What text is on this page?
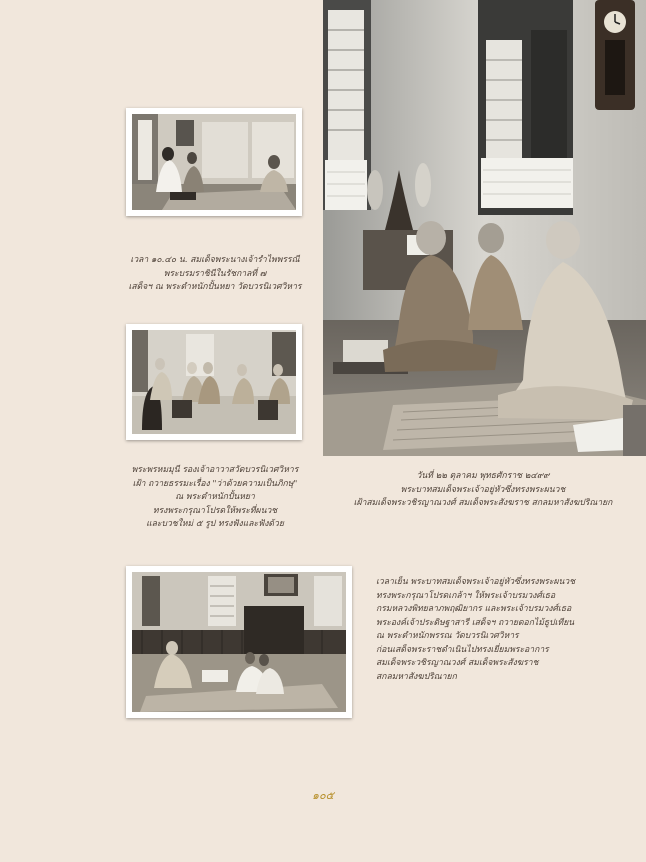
เวลา ๑๐.๔๐ น. สมเด็จพระนางเจ้ารำไพพรรณี
พระบรมราชินีในรัชกาลที่ ๗
เสด็จฯ ณ พระตำหนักปั้นหยา วัดบวรนิเวศวิหาร
พระพรหมมุนี รองเจ้าอาวาสวัดบวรนิเวศวิหาร
เฝ้า ถวายธรรมะเรื่อง "ว่าด้วยความเป็นภิกษุ"
ณ พระตำหนักปั้นหยา
ทรงพระกรุณาโปรดให้พระที่ผนวช
และบวชใหม่ ๕ รูป ทรงฟังและฟังด้วย
วันที่ ๒๒ ตุลาคม พุทธศักราช ๒๔๙๙
พระบาทสมเด็จพระเจ้าอยู่หัวซึ่งทรงพระผนวช
เฝ้าสมเด็จพระวชิรญาณวงศ์ สมเด็จพระสังฆราช สกลมหาสังฆปริณายก
เวลาเย็น พระบาทสมเด็จพระเจ้าอยู่หัวซึ่งทรงพระผนวช
ทรงพระกรุณาโปรดเกล้าฯ ให้พระเจ้าบรมวงศ์เธอ
กรมหลวงพิทยลาภพฤฒิยากร และพระเจ้าบรมวงศ์เธอ
พระองค์เจ้าประดิษฐาสารี เสด็จฯ ถวายดอกไม้ธูปเทียน
ณ พระตำหนักพรรณ วัดบวรนิเวศวิหาร
ก่อนเสด็จพระราชดำเนินไปทรงเยี่ยมพระอาการ
สมเด็จพระวชิรญาณวงศ์ สมเด็จพระสังฆราช
สกลมหาสังฆปริณายก
๑๐๕
